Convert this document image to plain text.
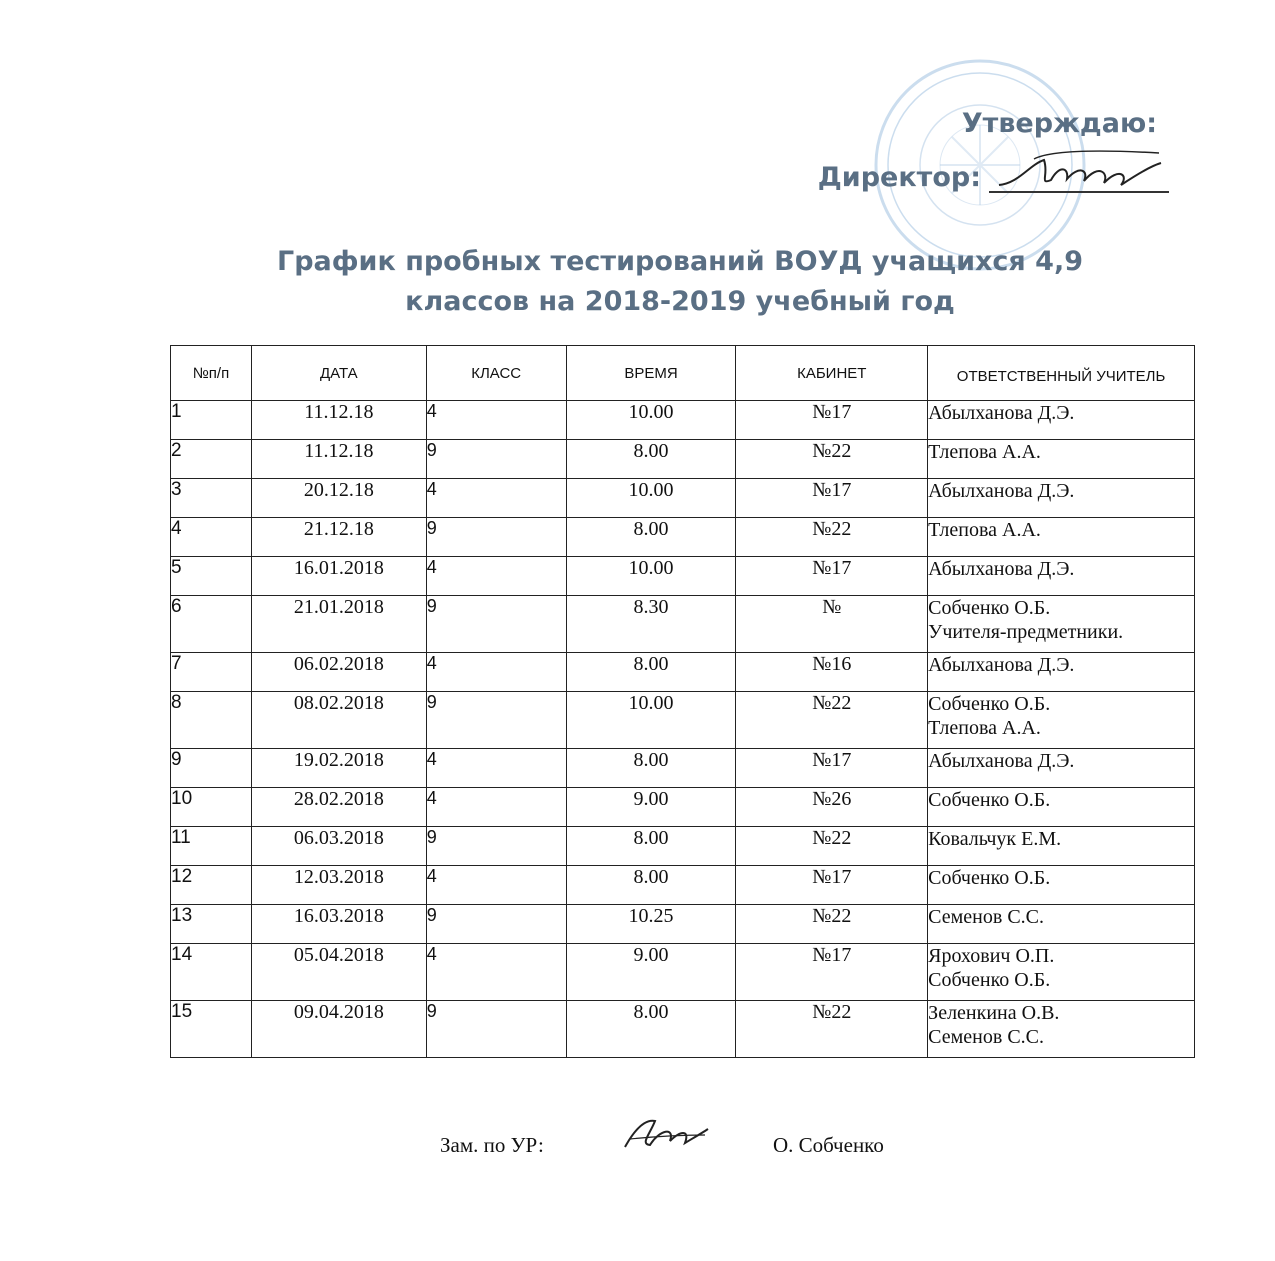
Утверждаю:
Директор:
График пробных тестирований ВОУД учащихся 4,9
классов на 2018-2019 учебный год
№п/п	ДАТА	КЛАСС	ВРЕМЯ	КАБИНЕТ	ОТВЕТСТВЕННЫЙ УЧИТЕЛЬ
1	11.12.18	4	10.00	№17	Абылханова Д.Э.

2	11.12.18	9	8.00	№22	Тлепова А.А.

3	20.12.18	4	10.00	№17	Абылханова Д.Э.

4	21.12.18	9	8.00	№22	Тлепова А.А.

5	16.01.2018	4	10.00	№17	Абылханова Д.Э.

6	21.01.2018	9	8.30	№	Собченко О.Б.
Учителя-предметники.

7	06.02.2018	4	8.00	№16	Абылханова Д.Э.

8	08.02.2018	9	10.00	№22	Собченко О.Б.
Тлепова А.А.

9	19.02.2018	4	8.00	№17	Абылханова Д.Э.

10	28.02.2018	4	9.00	№26	Собченко О.Б.

11	06.03.2018	9	8.00	№22	Ковальчук Е.М.

12	12.03.2018	4	8.00	№17	Собченко О.Б.

13	16.03.2018	9	10.25	№22	Семенов С.С.

14	05.04.2018	4	9.00	№17	Ярохович О.П.
Собченко О.Б.

15	09.04.2018	9	8.00	№22	Зеленкина О.В.
Семенов С.С.
Зам. по УР:	О. Собченко
